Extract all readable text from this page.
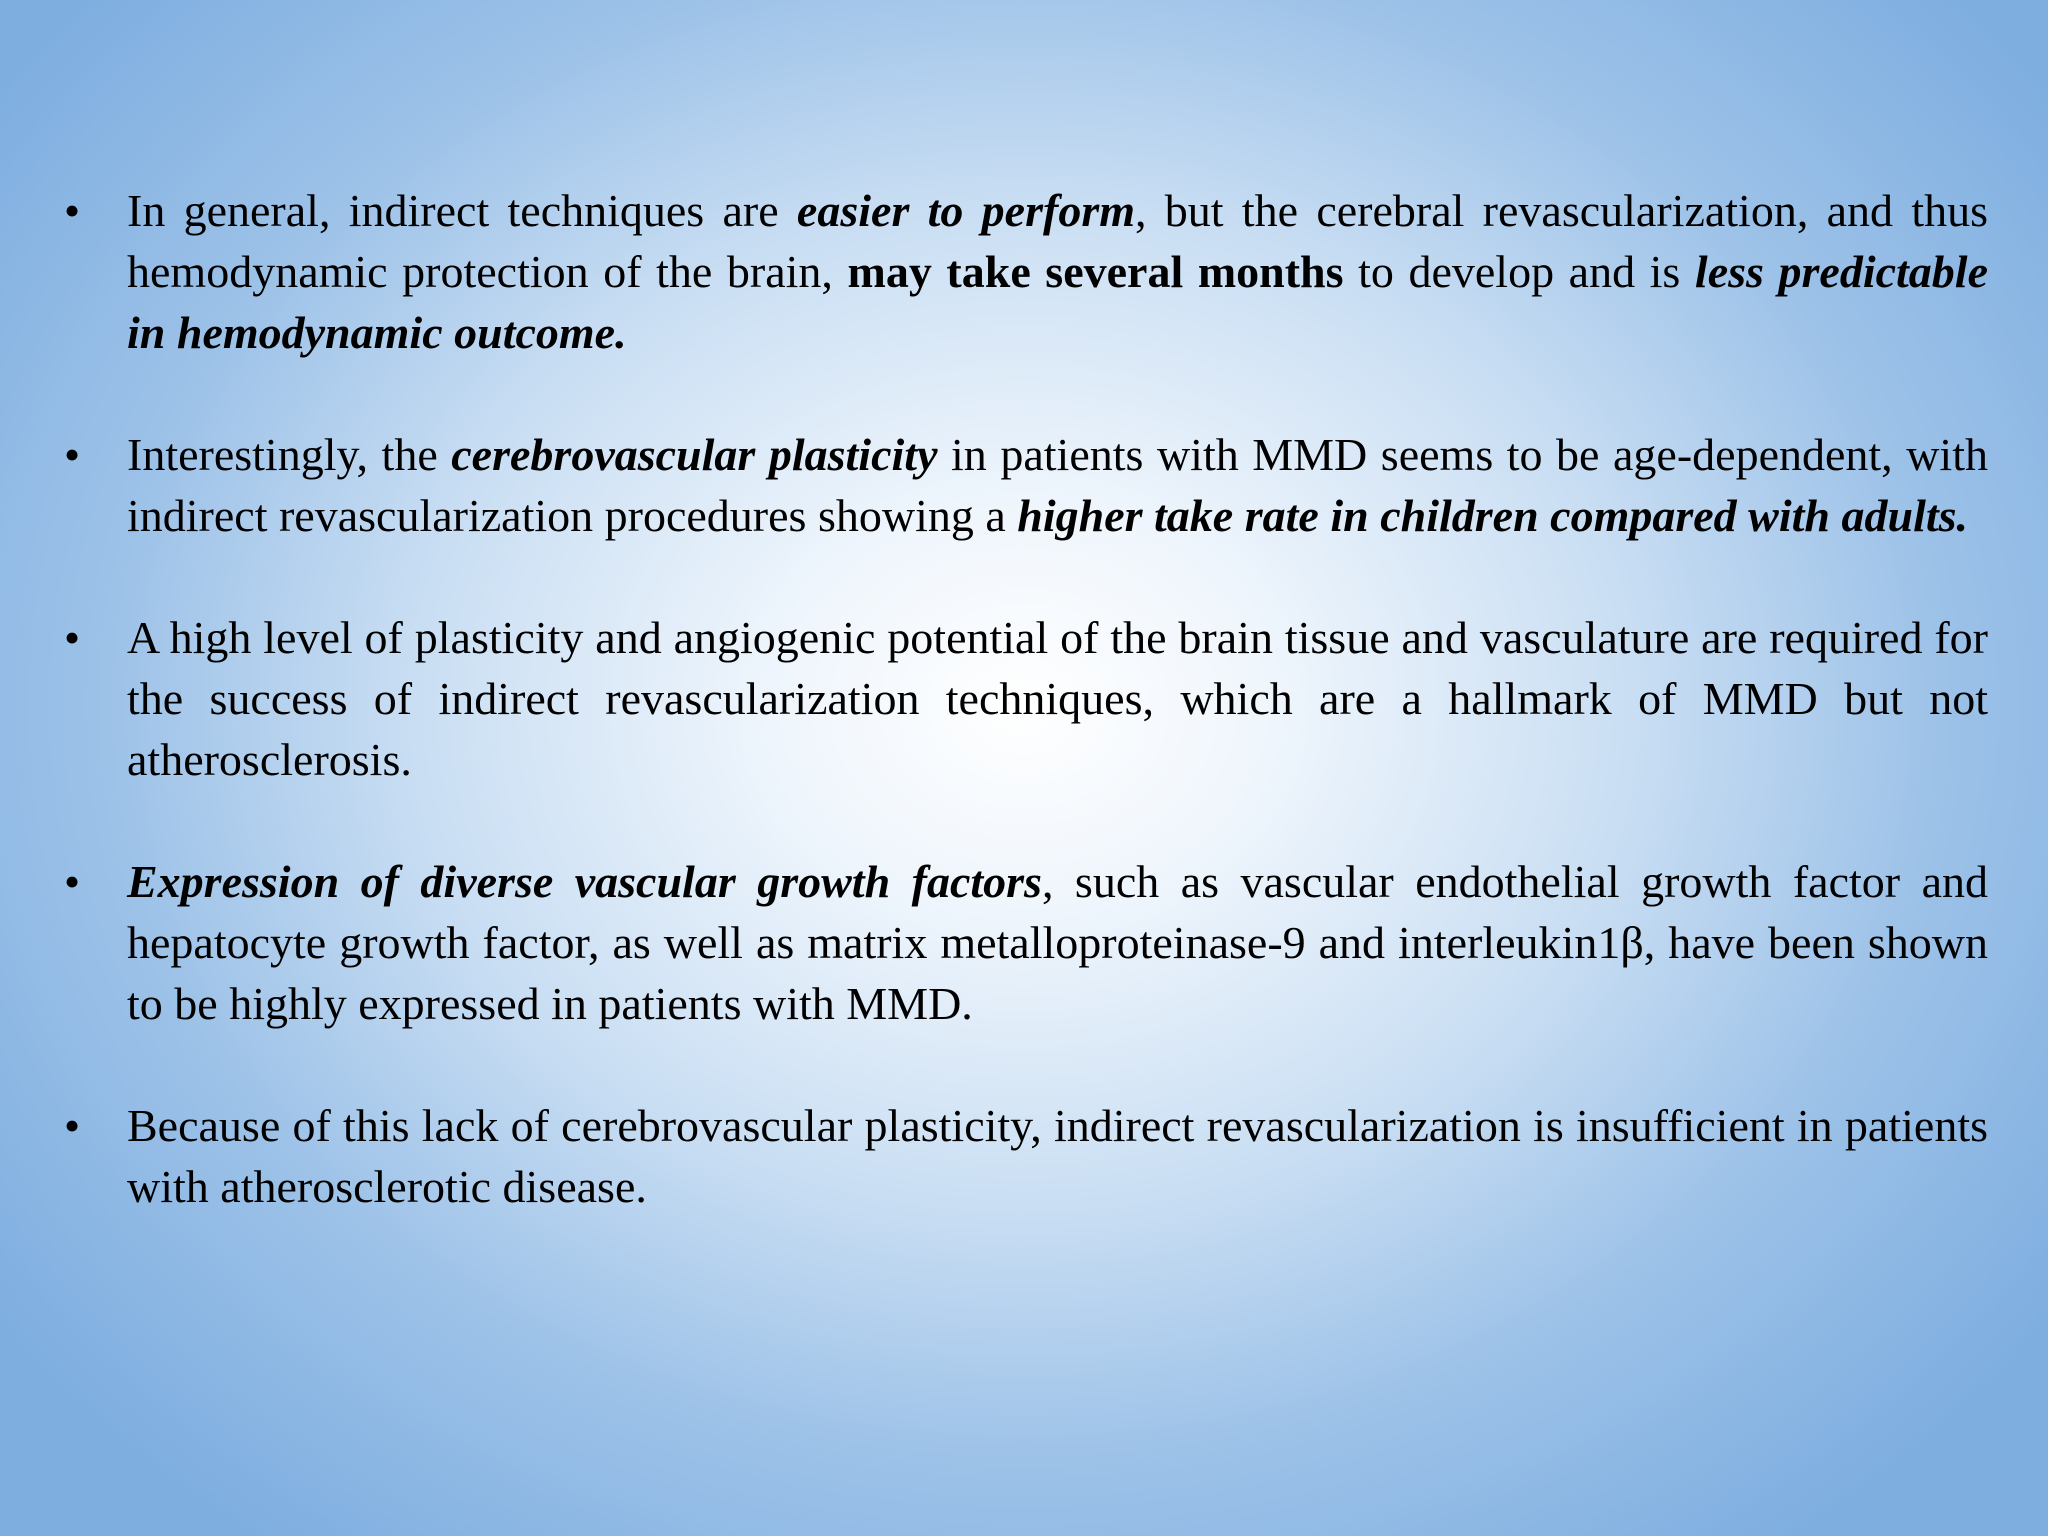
•	In general, indirect techniques are easier to perform, but the cerebral revascularization, and thus hemodynamic protection of the brain, may take several months to develop and is less predictable in hemodynamic outcome.
•	Interestingly, the cerebrovascular plasticity in patients with MMD seems to be age-dependent, with indirect revascularization procedures showing a higher take rate in children compared with adults.
•	A high level of plasticity and angiogenic potential of the brain tissue and vasculature are required for the success of indirect revascularization techniques, which are a hallmark of MMD but not atherosclerosis.
•	Expression of diverse vascular growth factors, such as vascular endothelial growth factor and hepatocyte growth factor, as well as matrix metalloproteinase-9 and interleukin1β, have been shown to be highly expressed in patients with MMD.
•	Because of this lack of cerebrovascular plasticity, indirect revascularization is insufficient in patients with atherosclerotic disease.
